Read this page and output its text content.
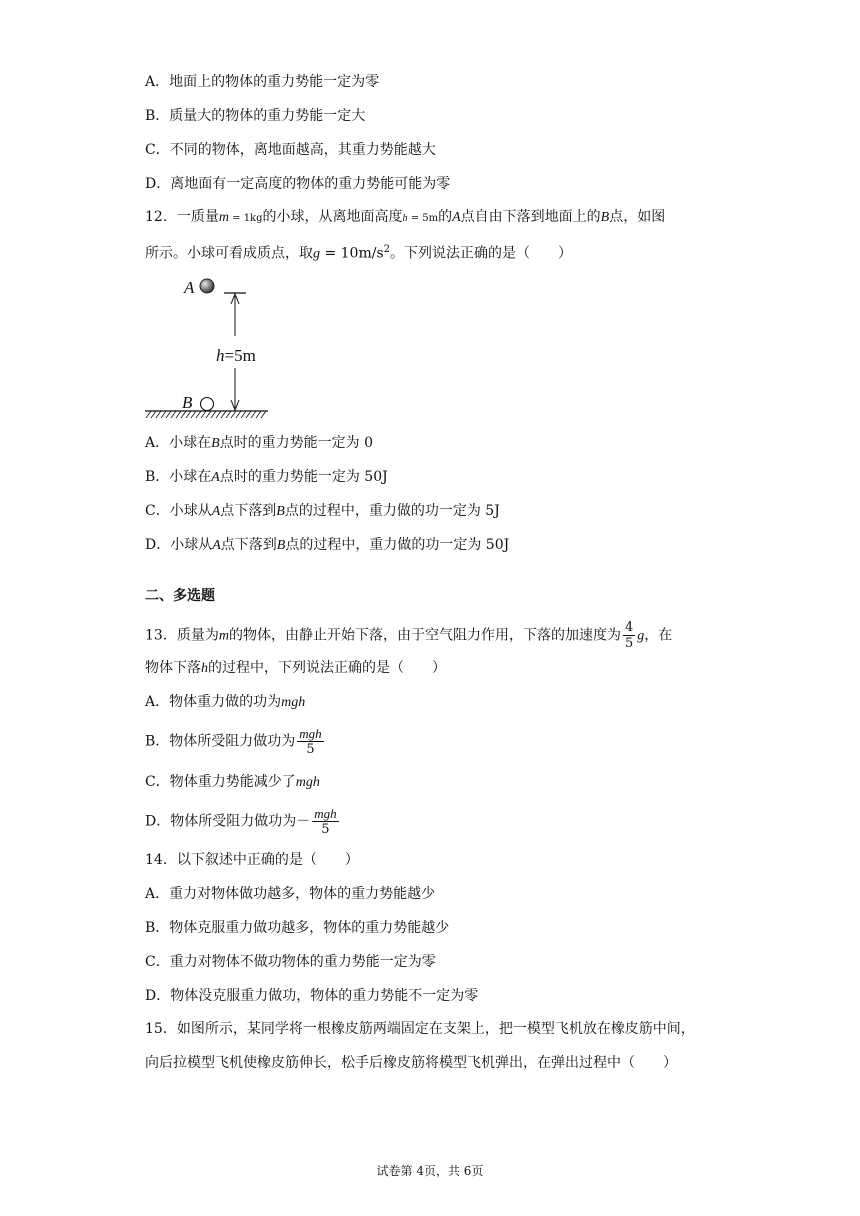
A．地面上的物体的重力势能一定为零
B．质量大的物体的重力势能一定大
C．不同的物体，离地面越高，其重力势能越大
D．离地面有一定高度的物体的重力势能可能为零
12．一质量m = 1kg的小球，从离地面高度h = 5m的A点自由下落到地面上的B点，如图
所示。小球可看成质点，取$g = 10m/s^2$。下列说法正确的是（　　）
A
h=5m
B
A．小球在B点时的重力势能一定为 0
B．小球在A点时的重力势能一定为 50J
C．小球从A点下落到B点的过程中，重力做的功一定为 5J
D．小球从A点下落到B点的过程中，重力做的功一定为 50J
二、多选题
13．质量为m的物体，由静止开始下落，由于空气阻力作用，下落的加速度为 $\frac{4}{5}$ g，在
物体下落h的过程中，下列说法正确的是（　　）
A．物体重力做的功为mgh
B．物体所受阻力做功为 $\frac{\text{mgh}}{5}$
C．物体重力势能减少了mgh
D．物体所受阻力做功为－ $\frac{\text{mgh}}{5}$
14．以下叙述中正确的是（　　）
A．重力对物体做功越多，物体的重力势能越少
B．物体克服重力做功越多，物体的重力势能越少
C．重力对物体不做功物体的重力势能一定为零
D．物体没克服重力做功，物体的重力势能不一定为零
15．如图所示，某同学将一根橡皮筋两端固定在支架上，把一模型飞机放在橡皮筋中间，
向后拉模型飞机使橡皮筋伸长，松手后橡皮筋将模型飞机弹出，在弹出过程中（　　）
试卷第 4页，共 6页
